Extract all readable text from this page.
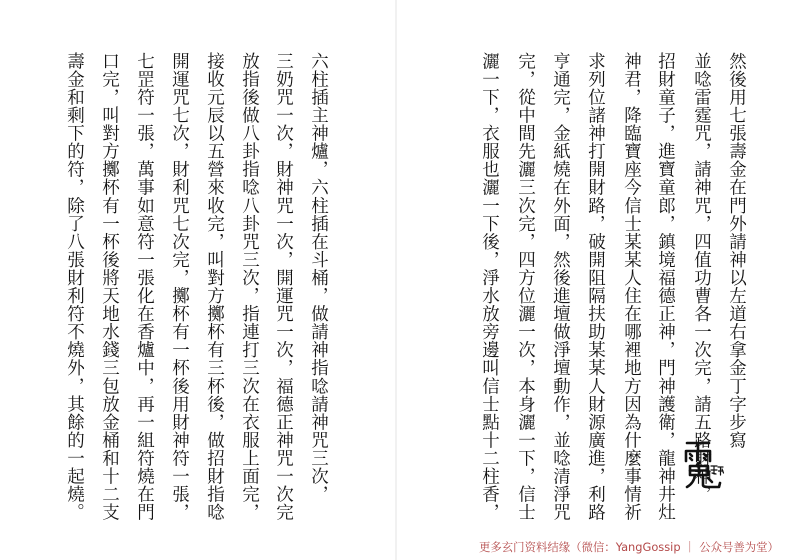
然後用七張壽金在門外請神以左道右拿金丁字步寫
並唸雷霆咒，請神咒，四值功曹各一次完，請五路財神，
招財童子，進寶童郎，鎮境福德正神，門神護衛，龍神井灶
神君，降臨寶座今信士某某人住在哪裡地方因為什麼事情祈
求列位諸神打開財路，破開阻隔扶助某某人財源廣進，利路
亨通完，金紙燒在外面，然後進壇做淨壇動作，並唸清淨咒
完，從中間先灑三次完，四方位灑一次，本身灑一下，信士
灑一下，衣服也灑一下後，淨水放旁邊叫信士點十二柱香，
六柱插主神爐，六柱插在斗桶，做請神指唸請神咒三次，
三奶咒一次，財神咒一次，開運咒一次，福德正神咒一次完
放指後做八卦指唸八卦咒三次，指連打三次在衣服上面完，
接收元辰以五營來收完，叫對方擲杯有三杯後，做招財指唸
開運咒七次，財利咒七次完，擲杯有一杯後用財神符一張，
七罡符一張，萬事如意符一張化在香爐中，再一組符燒在門
口完，叫對方擲杯有一杯後將天地水錢三包放金桶和十二支
壽金和剩下的符，除了八張財利符不燒外，其餘的一起燒。
更多玄门资料结缘（微信：YangGossip ｜ 公众号善为堂）
